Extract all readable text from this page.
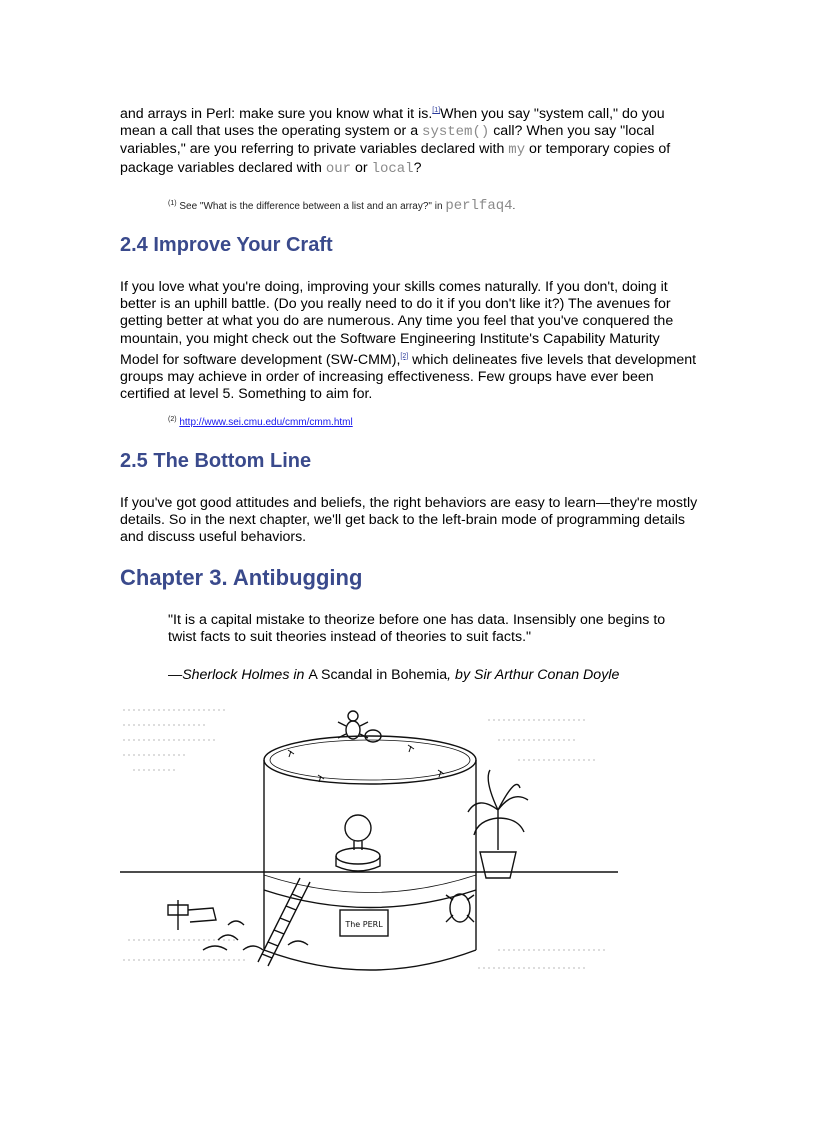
and arrays in Perl: make sure you know what it is.[1]When you say "system call," do you mean a call that uses the operating system or a system() call? When you say "local variables," are you referring to private variables declared with my or temporary copies of package variables declared with our or local?

$^{(1)}$ See "What is the difference between a list and an array?" in perlfaq4.
2.4 Improve Your Craft

If you love what you're doing, improving your skills comes naturally. If you don't, doing it better is an uphill battle. (Do you really need to do it if you don't like it?) The avenues for getting better at what you do are numerous. Any time you feel that you've conquered the mountain, you might check out the Software Engineering Institute's Capability Maturity Model for software development (SW-CMM),[2] which delineates five levels that development groups may achieve in order of increasing effectiveness. Few groups have ever been certified at level 5. Something to aim for.

$^{(2)}$ http://www.sei.cmu.edu/cmm/cmm.html
2.5 The Bottom Line

If you've got good attitudes and beliefs, the right behaviors are easy to learn—they're mostly details. So in the next chapter, we'll get back to the left-brain mode of programming details and discuss useful behaviors.

Chapter 3. Antibugging

"It is a capital mistake to theorize before one has data. Insensibly one begins to twist facts to suit theories instead of theories to suit facts."

—Sherlock Holmes in A Scandal in Bohemia, by Sir Arthur Conan Doyle

The PERL
